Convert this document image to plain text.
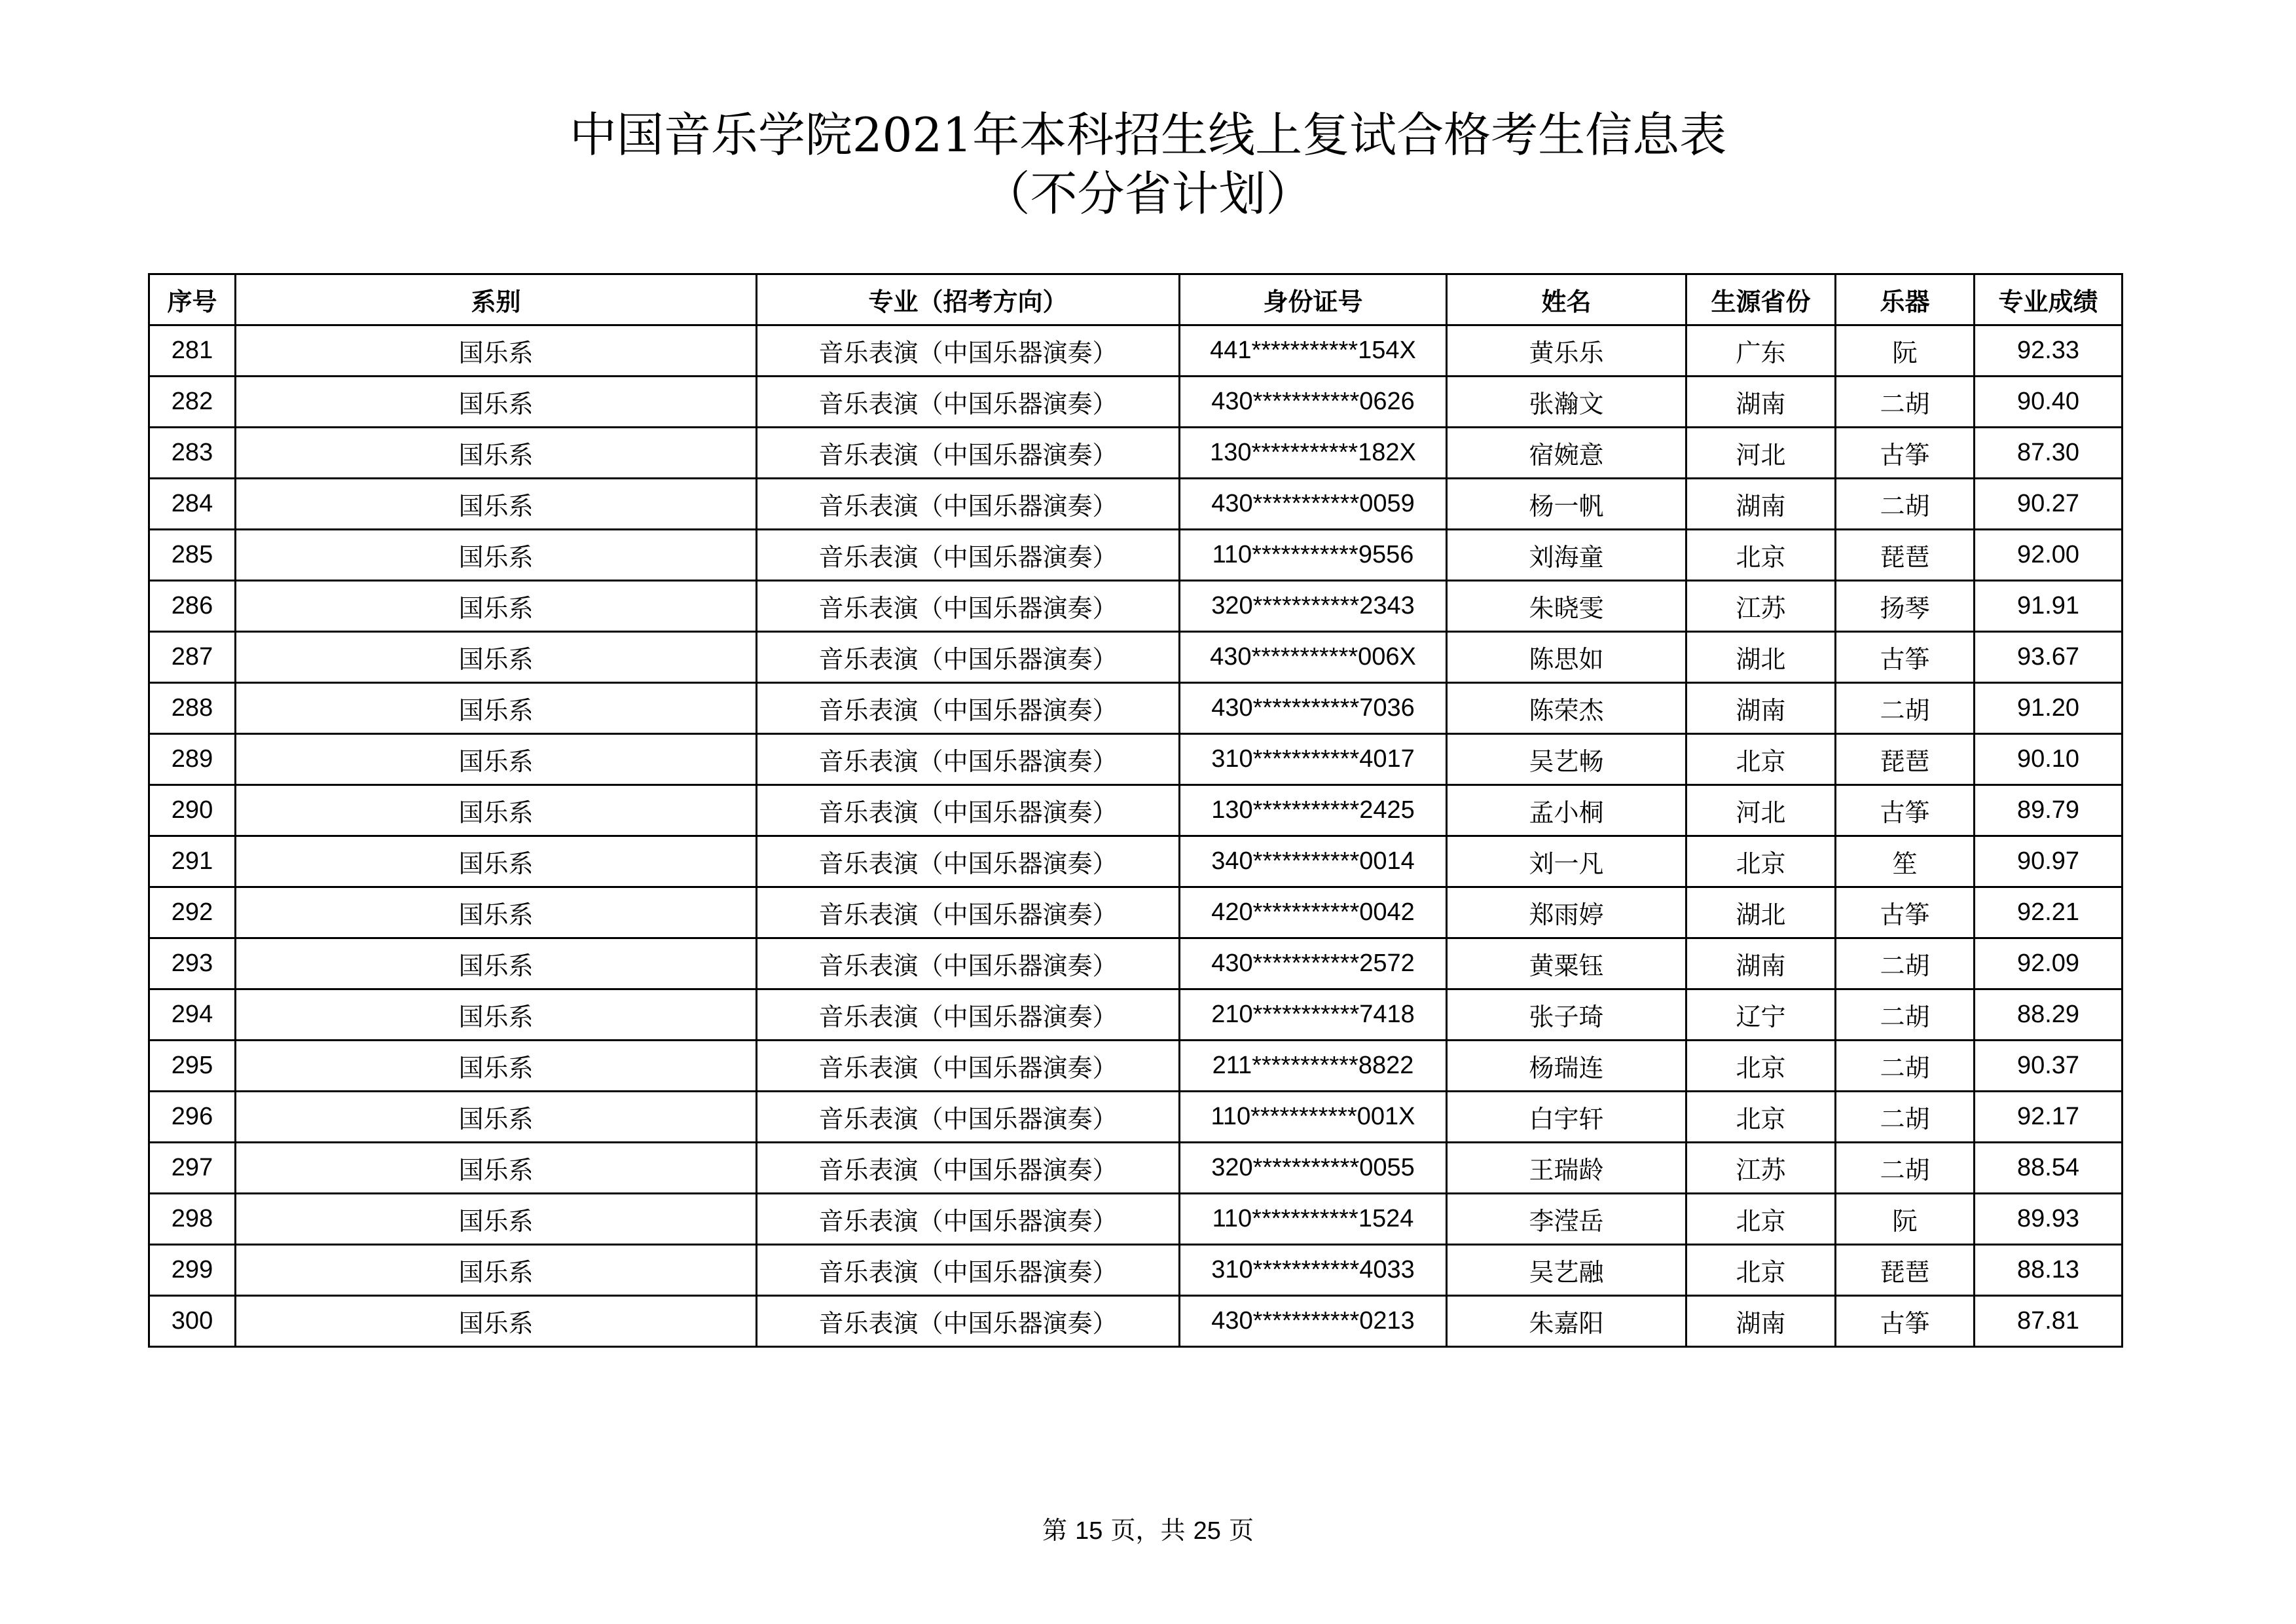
中国音乐学院2021年本科招生线上复试合格考生信息表
（不分省计划）
序号	系别	专业（招考方向）	身份证号	姓名	生源省份	乐器	专业成绩
281	国乐系	音乐表演（中国乐器演奏）	441***********154X	黄乐乐	广东	阮	92.33
282	国乐系	音乐表演（中国乐器演奏）	430***********0626	张瀚文	湖南	二胡	90.40
283	国乐系	音乐表演（中国乐器演奏）	130***********182X	宿婉意	河北	古筝	87.30
284	国乐系	音乐表演（中国乐器演奏）	430***********0059	杨一帆	湖南	二胡	90.27
285	国乐系	音乐表演（中国乐器演奏）	110***********9556	刘海童	北京	琵琶	92.00
286	国乐系	音乐表演（中国乐器演奏）	320***********2343	朱晓雯	江苏	扬琴	91.91
287	国乐系	音乐表演（中国乐器演奏）	430***********006X	陈思如	湖北	古筝	93.67
288	国乐系	音乐表演（中国乐器演奏）	430***********7036	陈荣杰	湖南	二胡	91.20
289	国乐系	音乐表演（中国乐器演奏）	310***********4017	吴艺畅	北京	琵琶	90.10
290	国乐系	音乐表演（中国乐器演奏）	130***********2425	孟小桐	河北	古筝	89.79
291	国乐系	音乐表演（中国乐器演奏）	340***********0014	刘一凡	北京	笙	90.97
292	国乐系	音乐表演（中国乐器演奏）	420***********0042	郑雨婷	湖北	古筝	92.21
293	国乐系	音乐表演（中国乐器演奏）	430***********2572	黄粟钰	湖南	二胡	92.09
294	国乐系	音乐表演（中国乐器演奏）	210***********7418	张子琦	辽宁	二胡	88.29
295	国乐系	音乐表演（中国乐器演奏）	211***********8822	杨瑞连	北京	二胡	90.37
296	国乐系	音乐表演（中国乐器演奏）	110***********001X	白宇轩	北京	二胡	92.17
297	国乐系	音乐表演（中国乐器演奏）	320***********0055	王瑞龄	江苏	二胡	88.54
298	国乐系	音乐表演（中国乐器演奏）	110***********1524	李滢岳	北京	阮	89.93
299	国乐系	音乐表演（中国乐器演奏）	310***********4033	吴艺融	北京	琵琶	88.13
300	国乐系	音乐表演（中国乐器演奏）	430***********0213	朱嘉阳	湖南	古筝	87.81
第 15 页，共 25 页
